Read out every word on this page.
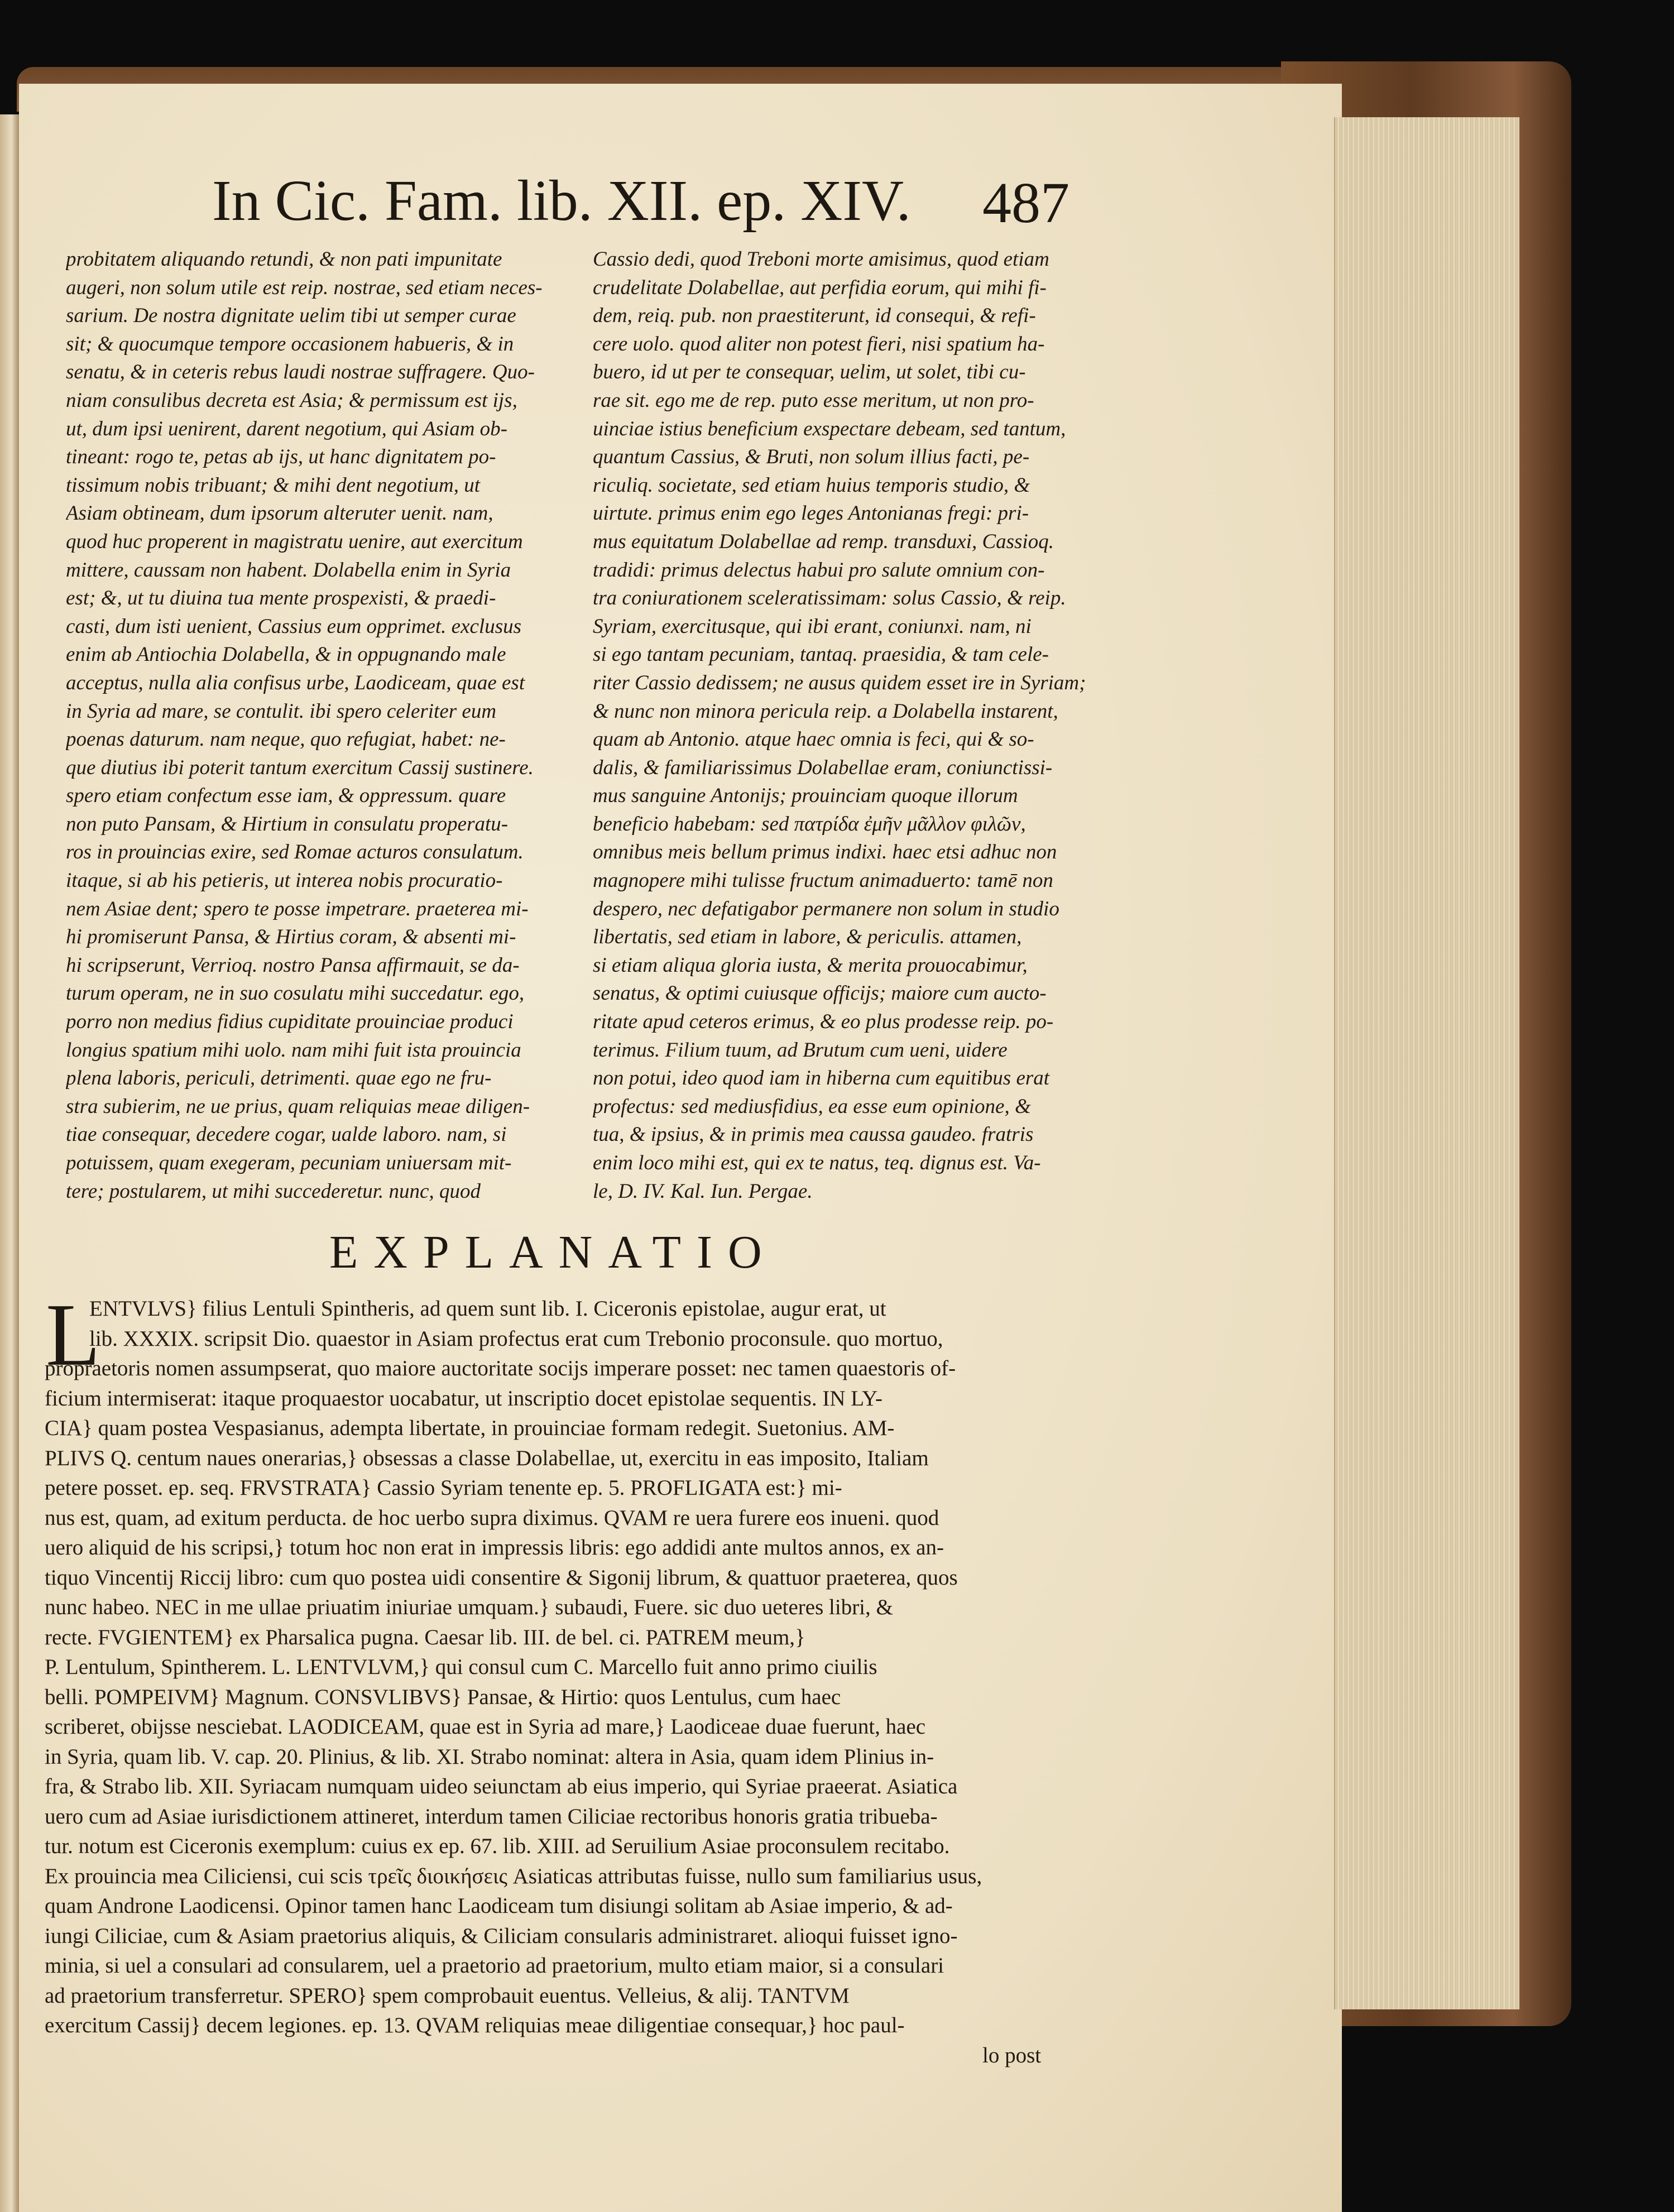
In Cic. Fam. lib. XII. ep. XIV. 487
probitatem aliquando retundi, & non pati impunitate
augeri, non solum utile est reip. nostrae, sed etiam neces-
sarium. De nostra dignitate uelim tibi ut semper curae
sit; & quocumque tempore occasionem habueris, & in
senatu, & in ceteris rebus laudi nostrae suffragere. Quo-
niam consulibus decreta est Asia; & permissum est ijs,
ut, dum ipsi uenirent, darent negotium, qui Asiam ob-
tineant: rogo te, petas ab ijs, ut hanc dignitatem po-
tissimum nobis tribuant; & mihi dent negotium, ut
Asiam obtineam, dum ipsorum alteruter uenit. nam,
quod huc properent in magistratu uenire, aut exercitum
mittere, caussam non habent. Dolabella enim in Syria
est; &, ut tu diuina tua mente prospexisti, & praedi-
casti, dum isti uenient, Cassius eum opprimet. exclusus
enim ab Antiochia Dolabella, & in oppugnando male
acceptus, nulla alia confisus urbe, Laodiceam, quae est
in Syria ad mare, se contulit. ibi spero celeriter eum
poenas daturum. nam neque, quo refugiat, habet: ne-
que diutius ibi poterit tantum exercitum Cassij sustinere.
spero etiam confectum esse iam, & oppressum. quare
non puto Pansam, & Hirtium in consulatu properatu-
ros in prouincias exire, sed Romae acturos consulatum.
itaque, si ab his petieris, ut interea nobis procuratio-
nem Asiae dent; spero te posse impetrare. praeterea mi-
hi promiserunt Pansa, & Hirtius coram, & absenti mi-
hi scripserunt, Verrioq. nostro Pansa affirmauit, se da-
turum operam, ne in suo cosulatu mihi succedatur. ego,
porro non medius fidius cupiditate prouinciae produci
longius spatium mihi uolo. nam mihi fuit ista prouincia
plena laboris, periculi, detrimenti. quae ego ne fru-
stra subierim, ne ue prius, quam reliquias meae diligen-
tiae consequar, decedere cogar, ualde laboro. nam, si
potuissem, quam exegeram, pecuniam uniuersam mit-
tere; postularem, ut mihi succederetur. nunc, quod
Cassio dedi, quod Treboni morte amisimus, quod etiam
crudelitate Dolabellae, aut perfidia eorum, qui mihi fi-
dem, reiq. pub. non praestiterunt, id consequi, & refi-
cere uolo. quod aliter non potest fieri, nisi spatium ha-
buero, id ut per te consequar, uelim, ut solet, tibi cu-
rae sit. ego me de rep. puto esse meritum, ut non pro-
uinciae istius beneficium exspectare debeam, sed tantum,
quantum Cassius, & Bruti, non solum illius facti, pe-
riculiq. societate, sed etiam huius temporis studio, &
uirtute. primus enim ego leges Antonianas fregi: pri-
mus equitatum Dolabellae ad remp. transduxi, Cassioq.
tradidi: primus delectus habui pro salute omnium con-
tra coniurationem sceleratissimam: solus Cassio, & reip.
Syriam, exercitusque, qui ibi erant, coniunxi. nam, ni
si ego tantam pecuniam, tantaq. praesidia, & tam cele-
riter Cassio dedissem; ne ausus quidem esset ire in Syriam;
& nunc non minora pericula reip. a Dolabella instarent,
quam ab Antonio. atque haec omnia is feci, qui & so-
dalis, & familiarissimus Dolabellae eram, coniunctissi-
mus sanguine Antonijs; prouinciam quoque illorum
beneficio habebam: sed πατρίδα ἐμῆν μᾶλλον φιλῶν,
omnibus meis bellum primus indixi. haec etsi adhuc non
magnopere mihi tulisse fructum animaduerto: tamē non
despero, nec defatigabor permanere non solum in studio
libertatis, sed etiam in labore, & periculis. attamen,
si etiam aliqua gloria iusta, & merita prouocabimur,
senatus, & optimi cuiusque officijs; maiore cum aucto-
ritate apud ceteros erimus, & eo plus prodesse reip. po-
terimus. Filium tuum, ad Brutum cum ueni, uidere
non potui, ideo quod iam in hiberna cum equitibus erat
profectus: sed mediusfidius, ea esse eum opinione, &
tua, & ipsius, & in primis mea caussa gaudeo. fratris
enim loco mihi est, qui ex te natus, teq. dignus est. Va-
le, D. IV. Kal. Iun. Pergae.
EXPLANATIO
L
ENTVLVS} filius Lentuli Spintheris, ad quem sunt lib. I. Ciceronis epistolae, augur erat, ut
lib. XXXIX. scripsit Dio. quaestor in Asiam profectus erat cum Trebonio proconsule. quo mortuo,
propraetoris nomen assumpserat, quo maiore auctoritate socijs imperare posset: nec tamen quaestoris of-
ficium intermiserat: itaque proquaestor uocabatur, ut inscriptio docet epistolae sequentis. IN LY-
CIA} quam postea Vespasianus, adempta libertate, in prouinciae formam redegit. Suetonius. AM-
PLIVS Q. centum naues onerarias,} obsessas a classe Dolabellae, ut, exercitu in eas imposito, Italiam
petere posset. ep. seq. FRVSTRATA} Cassio Syriam tenente ep. 5. PROFLIGATA est:} mi-
nus est, quam, ad exitum perducta. de hoc uerbo supra diximus. QVAM re uera furere eos inueni. quod
uero aliquid de his scripsi,} totum hoc non erat in impressis libris: ego addidi ante multos annos, ex an-
tiquo Vincentij Riccij libro: cum quo postea uidi consentire & Sigonij librum, & quattuor praeterea, quos
nunc habeo. NEC in me ullae priuatim iniuriae umquam.} subaudi, Fuere. sic duo ueteres libri, &
recte. FVGIENTEM} ex Pharsalica pugna. Caesar lib. III. de bel. ci. PATREM meum,}
P. Lentulum, Spintherem. L. LENTVLVM,} qui consul cum C. Marcello fuit anno primo ciuilis
belli. POMPEIVM} Magnum. CONSVLIBVS} Pansae, & Hirtio: quos Lentulus, cum haec
scriberet, obijsse nesciebat. LAODICEAM, quae est in Syria ad mare,} Laodiceae duae fuerunt, haec
in Syria, quam lib. V. cap. 20. Plinius, & lib. XI. Strabo nominat: altera in Asia, quam idem Plinius in-
fra, & Strabo lib. XII. Syriacam numquam uideo seiunctam ab eius imperio, qui Syriae praeerat. Asiatica
uero cum ad Asiae iurisdictionem attineret, interdum tamen Ciliciae rectoribus honoris gratia tribueba-
tur. notum est Ciceronis exemplum: cuius ex ep. 67. lib. XIII. ad Seruilium Asiae proconsulem recitabo.
Ex prouincia mea Ciliciensi, cui scis τρεῖς διοικήσεις Asiaticas attributas fuisse, nullo sum familiarius usus,
quam Androne Laodicensi. Opinor tamen hanc Laodiceam tum disiungi solitam ab Asiae imperio, & ad-
iungi Ciliciae, cum & Asiam praetorius aliquis, & Ciliciam consularis administraret. alioqui fuisset igno-
minia, si uel a consulari ad consularem, uel a praetorio ad praetorium, multo etiam maior, si a consulari
ad praetorium transferretur. SPERO} spem comprobauit euentus. Velleius, & alij. TANTVM
exercitum Cassij} decem legiones. ep. 13. QVAM reliquias meae diligentiae consequar,} hoc paul-
lo post
